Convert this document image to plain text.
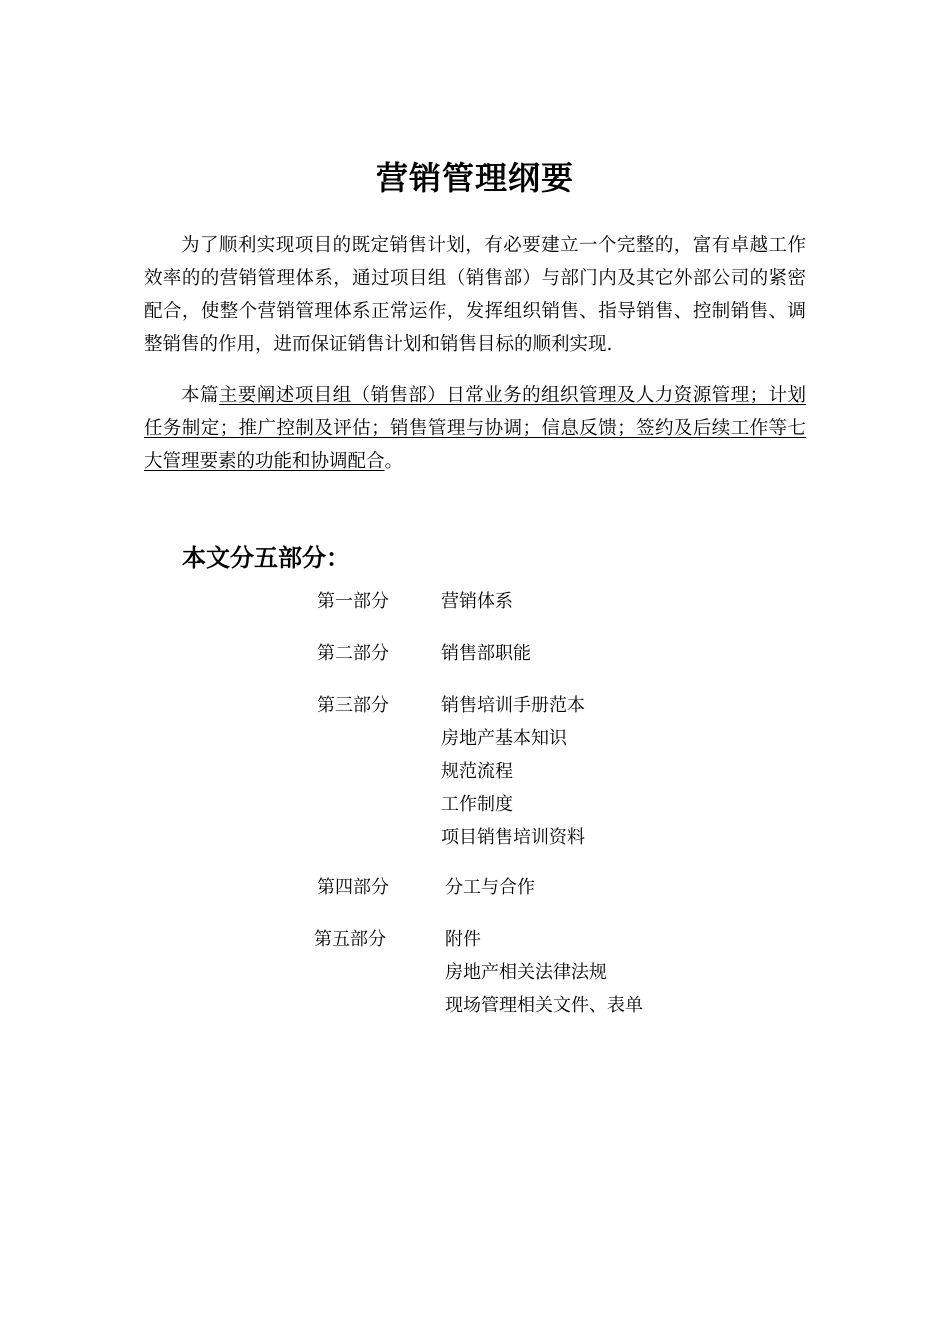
营销管理纲要
为了顺利实现项目的既定销售计划，有必要建立一个完整的，富有卓越工作效率的的营销管理体系，通过项目组（销售部）与部门内及其它外部公司的紧密配合，使整个营销管理体系正常运作，发挥组织销售、指导销售、控制销售、调整销售的作用，进而保证销售计划和销售目标的顺利实现.
本篇主要阐述项目组（销售部）日常业务的组织管理及人力资源管理；计划任务制定；推广控制及评估；销售管理与协调；信息反馈；签约及后续工作等七大管理要素的功能和协调配合。
本文分五部分：
第一部分	营销体系
第二部分	销售部职能
第三部分	销售培训手册范本
房地产基本知识
规范流程
工作制度
项目销售培训资料
第四部分	分工与合作
第五部分	附件
房地产相关法律法规
现场管理相关文件、表单
